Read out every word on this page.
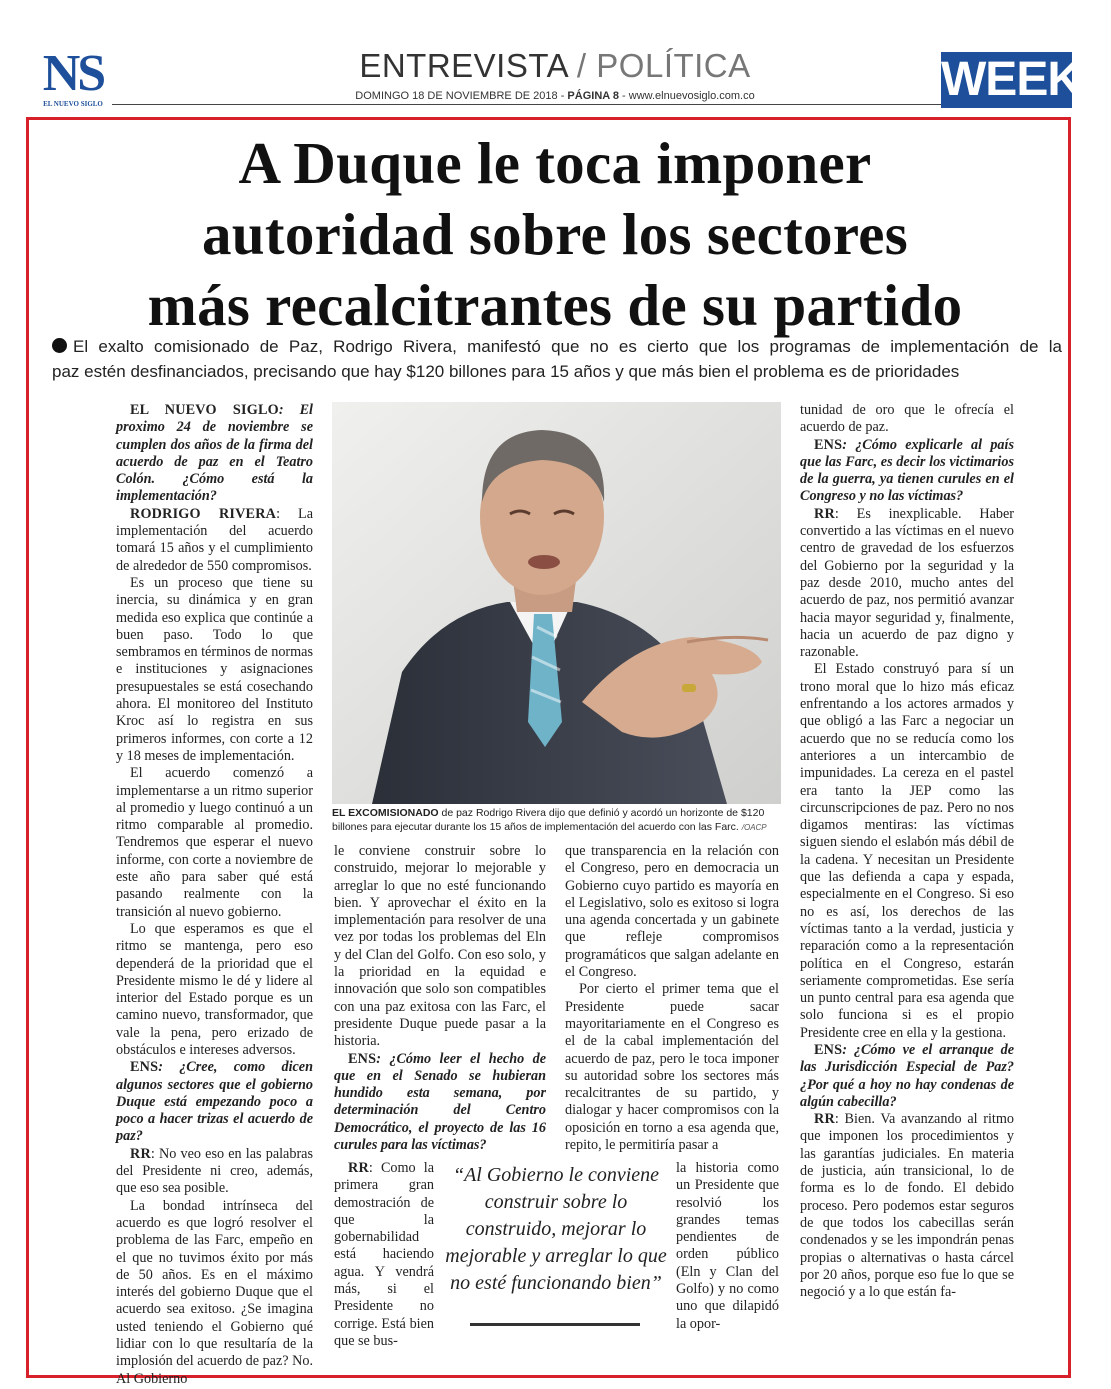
NS
EL NUEVO SIGLO
ENTREVISTA / POLÍTICA
DOMINGO 18 DE NOVIEMBRE DE 2018 - PÁGINA 8 - www.elnuevosiglo.com.co	WEEK
A Duque le toca imponer
autoridad sobre los sectores
más recalcitrantes de su partido
El exalto comisionado de Paz, Rodrigo Rivera, manifestó que no es cierto que los programas de implementación de la
paz estén desfinanciados, precisando que hay $120 billones para 15 años y que más bien el problema es de prioridades

EL NUEVO SIGLO: El proximo 24 de noviembre se cumplen dos años de la firma del acuerdo de paz en el Teatro Colón. ¿Cómo está la implementación?

RODRIGO RIVERA: La implementación del acuerdo tomará 15 años y el cumplimiento de alrededor de 550 compromisos.

Es un proceso que tiene su inercia, su dinámica y en gran medida eso explica que continúe a buen paso. Todo lo que sembramos en términos de normas e instituciones y asignaciones presupuestales se está cosechando ahora. El monitoreo del Instituto Kroc así lo registra en sus primeros informes, con corte a 12 y 18 meses de implementación.

El acuerdo comenzó a implementarse a un ritmo superior al promedio y luego continuó a un ritmo comparable al promedio. Tendremos que esperar el nuevo informe, con corte a noviembre de este año para saber qué está pasando realmente con la transición al nuevo gobierno.

Lo que esperamos es que el ritmo se mantenga, pero eso dependerá de la prioridad que el Presidente mismo le dé y lidere al interior del Estado porque es un camino nuevo, transformador, que vale la pena, pero erizado de obstáculos e intereses adversos.

ENS: ¿Cree, como dicen algunos sectores que el gobierno Duque está empezando poco a poco a hacer trizas el acuerdo de paz?

RR: No veo eso en las palabras del Presidente ni creo, además, que eso sea posible.

La bondad intrínseca del acuerdo es que logró resolver el problema de las Farc, empeño en el que no tuvimos éxito por más de 50 años. Es en el máximo interés del gobierno Duque que el acuerdo sea exitoso. ¿Se imagina usted teniendo el Gobierno qué lidiar con lo que resultaría de la implosión del acuerdo de paz? No. Al Gobierno

EL EXCOMISIONADO de paz Rodrigo Rivera dijo que definió y acordó un horizonte de $120 billones para ejecutar durante los 15 años de implementación del acuerdo con las Farc. /OACP

le conviene construir sobre lo construido, mejorar lo mejorable y arreglar lo que no esté funcionando bien. Y aprovechar el éxito en la implementación para resolver de una vez por todas los problemas del Eln y del Clan del Golfo. Con eso solo, y la prioridad en la equidad e innovación que solo son compatibles con una paz exitosa con las Farc, el presidente Duque puede pasar a la historia.

ENS: ¿Cómo leer el hecho de que en el Senado se hubieran hundido esta semana, por determinación del Centro Democrático, el proyecto de las 16 curules para las víctimas?

RR: Como la primera gran demostración de que la gobernabilidad está haciendo agua. Y vendrá más, si el Presidente no corrige. Está bien que se bus-

que transparencia en la relación con el Congreso, pero en democracia un Gobierno cuyo partido es mayoría en el Legislativo, solo es exitoso si logra una agenda concertada y un gabinete que refleje compromisos programáticos que salgan adelante en el Congreso.

Por cierto el primer tema que el Presidente puede sacar mayoritariamente en el Congreso es el de la cabal implementación del acuerdo de paz, pero le toca imponer su autoridad sobre los sectores más recalcitrantes de su partido, y dialogar y hacer compromisos con la oposición en torno a esa agenda que, repito, le permitiría pasar a

la historia como un Presidente que resolvió los grandes temas pendientes de orden público (Eln y Clan del Golfo) y no como uno que dilapidó la opor-

“Al Gobierno le conviene construir sobre lo construido, mejorar lo mejorable y arreglar lo que no esté funcionando bien”

tunidad de oro que le ofrecía el acuerdo de paz.

ENS: ¿Cómo explicarle al país que las Farc, es decir los victimarios de la guerra, ya tienen curules en el Congreso y no las víctimas?

RR: Es inexplicable. Haber convertido a las víctimas en el nuevo centro de gravedad de los esfuerzos del Gobierno por la seguridad y la paz desde 2010, mucho antes del acuerdo de paz, nos permitió avanzar hacia mayor seguridad y, finalmente, hacia un acuerdo de paz digno y razonable.

El Estado construyó para sí un trono moral que lo hizo más eficaz enfrentando a los actores armados y que obligó a las Farc a negociar un acuerdo que no se reducía como los anteriores a un intercambio de impunidades. La cereza en el pastel era tanto la JEP como las circunscripciones de paz. Pero no nos digamos mentiras: las víctimas siguen siendo el eslabón más débil de la cadena. Y necesitan un Presidente que las defienda a capa y espada, especialmente en el Congreso. Si eso no es así, los derechos de las víctimas tanto a la verdad, justicia y reparación como a la representación política en el Congreso, estarán seriamente comprometidas. Ese sería un punto central para esa agenda que solo funciona si es el propio Presidente cree en ella y la gestiona.

ENS: ¿Cómo ve el arranque de las Jurisdicción Especial de Paz? ¿Por qué a hoy no hay condenas de algún cabecilla?

RR: Bien. Va avanzando al ritmo que imponen los procedimientos y las garantías judiciales. En materia de justicia, aún transicional, lo de forma es lo de fondo. El debido proceso. Pero podemos estar seguros de que todos los cabecillas serán condenados y se les impondrán penas propias o alternativas o hasta cárcel por 20 años, porque eso fue lo que se negoció y a lo que están fa-
